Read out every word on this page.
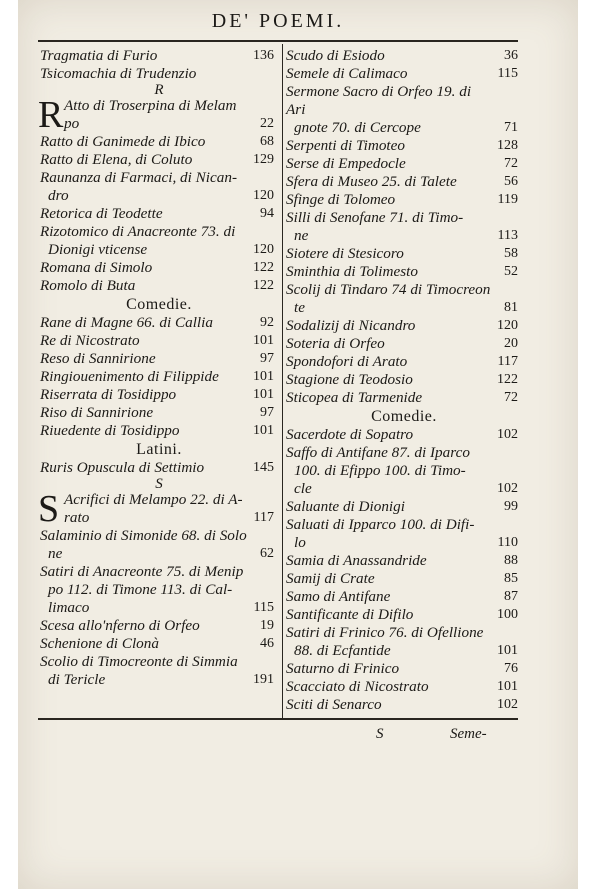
DE' POEMI.
Tragmatia di Furio	136
Tsicomachia di Trudenzio
R
R Atto di Troserpina di Melam
po	22
Ratto di Ganimede di Ibico	68
Ratto di Elena, di Coluto	129
Raunanza di Farmaci, di Nican-
dro	120
Retorica di Teodette	94
Rizotomico di Anacreonte 73. di
Dionigi vticense	120
Romana di Simolo	122
Romolo di Buta	122
Comedie.
Rane di Magne 66. di Callia	92
Re di Nicostrato	101
Reso di Sannirione	97
Ringiouenimento di Filippide	101
Riserrata di Tosidippo	101
Riso di Sannirione	97
Riuedente di Tosidippo	101
Latini.
Ruris Opuscula di Settimio	145
S
S Acrifici di Melampo 22. di A-
rato	117
Salaminio di Simonide 68. di Solo
ne	62
Satiri di Anacreonte 75. di Menip
po 112. di Timone 113. di Cal-
limaco	115
Scesa allo'nferno di Orfeo	19
Schenione di Clonà	46
Scolio di Timocreonte di Simmia
di Tericle	191
Scudo di Esiodo	36
Semele di Calimaco	115
Sermone Sacro di Orfeo 19. di Ari
gnote 70. di Cercope	71
Serpenti di Timoteo	128
Serse di Empedocle	72
Sfera di Museo 25. di Talete	56
Sfinge di Tolomeo	119
Silli di Senofane 71. di Timo-
ne	113
Siotere di Stesicoro	58
Sminthia di Tolimesto	52
Scolij di Tindaro 74 di Timocreon
te	81
Sodalizij di Nicandro	120
Soteria di Orfeo	20
Spondofori di Arato	117
Stagione di Teodosio	122
Sticopea di Tarmenide	72
Comedie.
Sacerdote di Sopatro	102
Saffo di Antifane 87. di Iparco
100. di Efippo 100. di Timo-
cle	102
Saluante di Dionigi	99
Saluati di Ipparco 100. di Difi-
lo	110
Samia di Anassandride	88
Samij di Crate	85
Samo di Antifane	87
Santificante di Difilo	100
Satiri di Frinico 76. di Ofellione
88. di Ecfantide	101
Saturno di Frinico	76
Scacciato di Nicostrato	101
Sciti di Senarco	102
S	Seme-
